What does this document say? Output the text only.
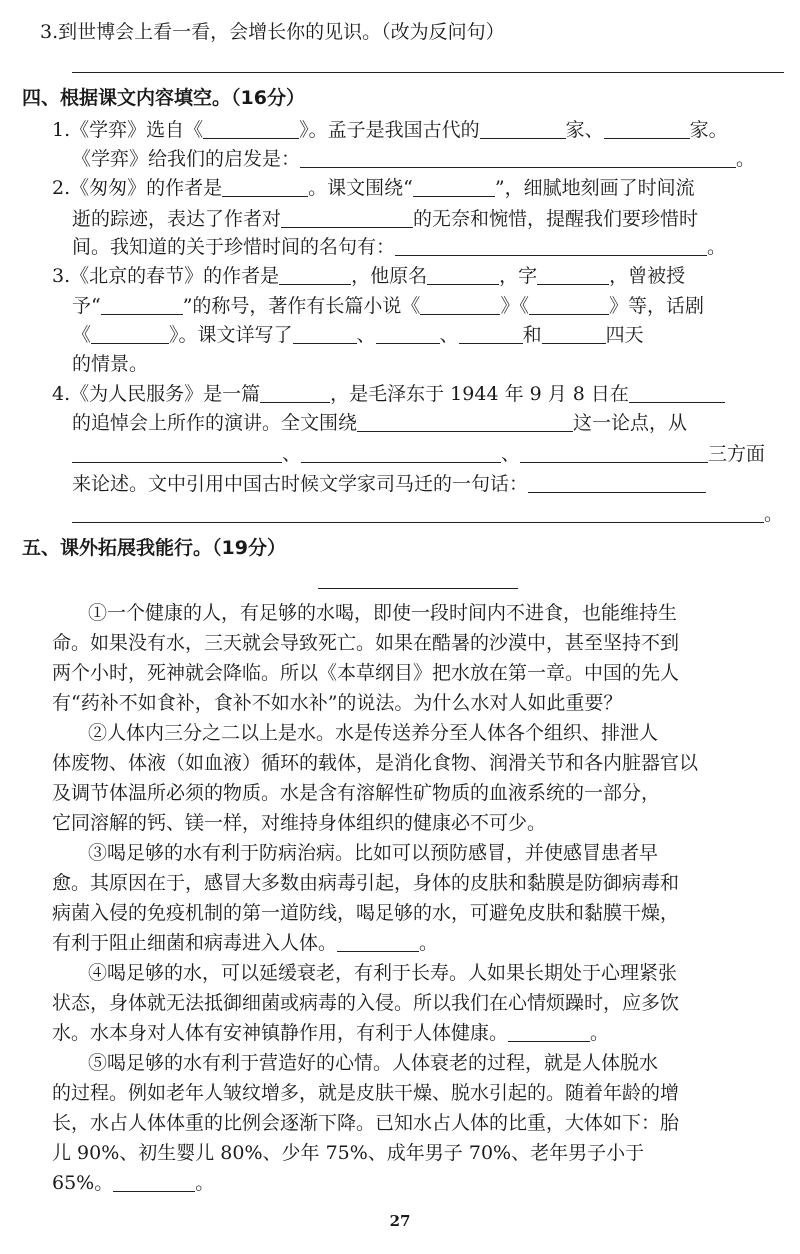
3.到世博会上看一看，会增长你的见识。（改为反问句）
四、根据课文内容填空。（16分）
1.《学弈》选自《	》。孟子是我国古代的	家、	家。
《学弈》给我们的启发是：	。
2.《匆匆》的作者是	。课文围绕“	”，细腻地刻画了时间流
逝的踪迹，表达了作者对	的无奈和惋惜，提醒我们要珍惜时
间。我知道的关于珍惜时间的名句有：	。
3.《北京的春节》的作者是	，他原名	，字	，曾被授
予“	”的称号，著作有长篇小说《	》《	》等，话剧
《	》。课文详写了	、	、	和	四天
的情景。
4.《为人民服务》是一篇	，是毛泽东于 1944 年 9 月 8 日在
的追悼会上所作的演讲。全文围绕	这一论点，从
、	、	三方面
来论述。文中引用中国古时候文学家司马迁的一句话：
。
五、课外拓展我能行。（19分）
①一个健康的人，有足够的水喝，即使一段时间内不进食，也能维持生
命。如果没有水，三天就会导致死亡。如果在酷暑的沙漠中，甚至坚持不到
两个小时，死神就会降临。所以《本草纲目》把水放在第一章。中国的先人
有“药补不如食补，食补不如水补”的说法。为什么水对人如此重要？
②人体内三分之二以上是水。水是传送养分至人体各个组织、排泄人
体废物、体液（如血液）循环的载体，是消化食物、润滑关节和各内脏器官以
及调节体温所必须的物质。水是含有溶解性矿物质的血液系统的一部分，
它同溶解的钙、镁一样，对维持身体组织的健康必不可少。
③喝足够的水有利于防病治病。比如可以预防感冒，并使感冒患者早
愈。其原因在于，感冒大多数由病毒引起，身体的皮肤和黏膜是防御病毒和
病菌入侵的免疫机制的第一道防线，喝足够的水，可避免皮肤和黏膜干燥，
有利于阻止细菌和病毒进入人体。	。
④喝足够的水，可以延缓衰老，有利于长寿。人如果长期处于心理紧张
状态，身体就无法抵御细菌或病毒的入侵。所以我们在心情烦躁时，应多饮
水。水本身对人体有安神镇静作用，有利于人体健康。	。
⑤喝足够的水有利于营造好的心情。人体衰老的过程，就是人体脱水
的过程。例如老年人皱纹增多，就是皮肤干燥、脱水引起的。随着年龄的增
长，水占人体体重的比例会逐渐下降。已知水占人体的比重，大体如下：胎
儿 90%、初生婴儿 80%、少年 75%、成年男子 70%、老年男子小于
65%。	。
27
